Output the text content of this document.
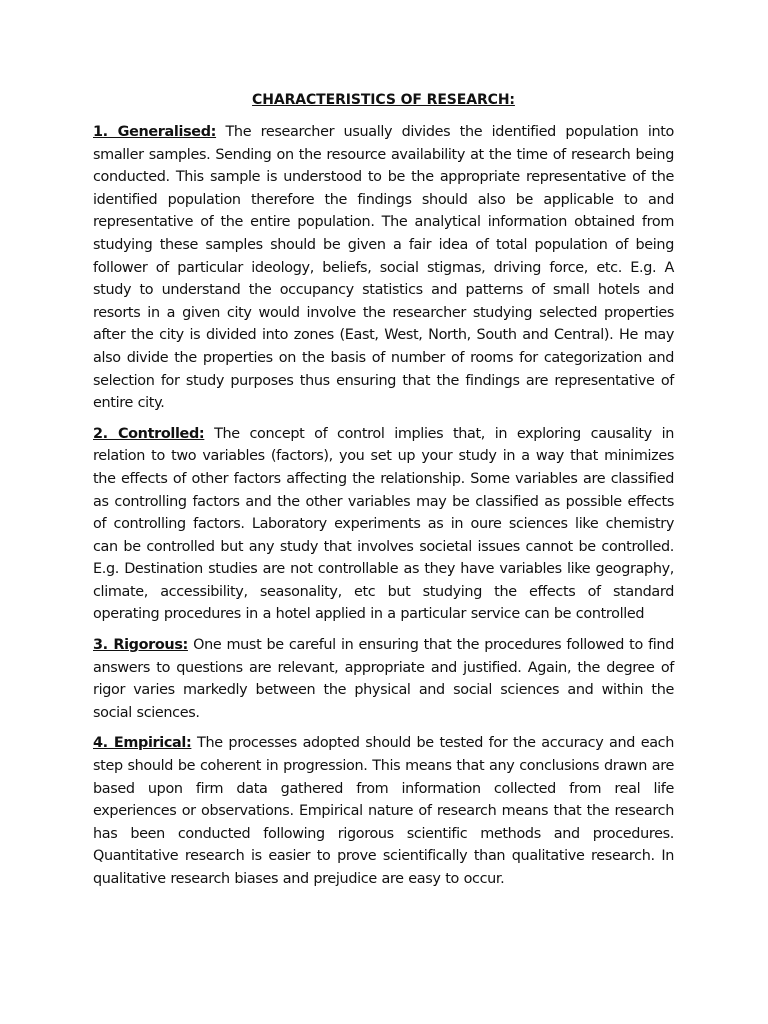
CHARACTERISTICS OF RESEARCH:

1. Generalised: The researcher usually divides the identified population into smaller samples. Sending on the resource availability at the time of research being conducted. This sample is understood to be the appropriate representative of the identified population therefore the findings should also be applicable to and representative of the entire population. The analytical information obtained from studying these samples should be given a fair idea of total population of being follower of particular ideology, beliefs, social stigmas, driving force, etc. E.g. A study to understand the occupancy statistics and patterns of small hotels and resorts in a given city would involve the researcher studying selected properties after the city is divided into zones (East, West, North, South and Central). He may also divide the properties on the basis of number of rooms for categorization and selection for study purposes thus ensuring that the findings are representative of entire city.

2. Controlled: The concept of control implies that, in exploring causality in relation to two variables (factors), you set up your study in a way that minimizes the effects of other factors affecting the relationship. Some variables are classified as controlling factors and the other variables may be classified as possible effects of controlling factors. Laboratory experiments as in oure sciences like chemistry can be controlled but any study that involves societal issues cannot be controlled. E.g. Destination studies are not controllable as they have variables like geography, climate, accessibility, seasonality, etc but studying the effects of standard operating procedures in a hotel applied in a particular service can be controlled

3. Rigorous: One must be careful in ensuring that the procedures followed to find answers to questions are relevant, appropriate and justified. Again, the degree of rigor varies markedly between the physical and social sciences and within the social sciences.

4. Empirical: The processes adopted should be tested for the accuracy and each step should be coherent in progression. This means that any conclusions drawn are based upon firm data gathered from information collected from real life experiences or observations. Empirical nature of research means that the research has been conducted following rigorous scientific methods and procedures. Quantitative research is easier to prove scientifically than qualitative research. In qualitative research biases and prejudice are easy to occur.
